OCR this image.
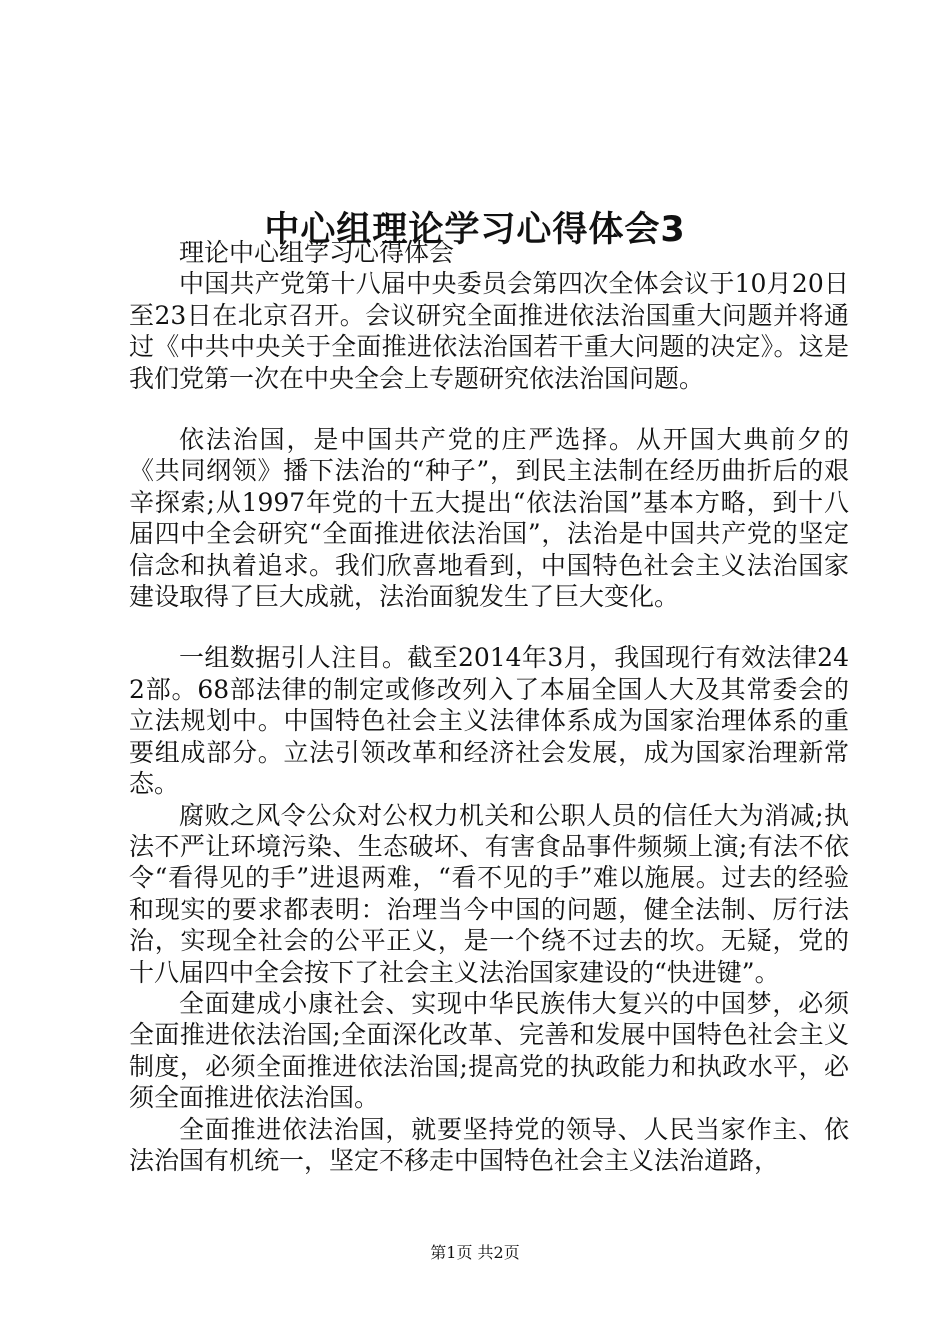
中心组理论学习心得体会3

理论中心组学习心得体会

中国共产党第十八届中央委员会第四次全体会议于10月20日至23日在北京召开。会议研究全面推进依法治国重大问题并将通过《中共中央关于全面推进依法治国若干重大问题的决定》。这是我们党第一次在中央全会上专题研究依法治国问题。

依法治国，是中国共产党的庄严选择。从开国大典前夕的《共同纲领》播下法治的“种子”，到民主法制在经历曲折后的艰辛探索;从1997年党的十五大提出“依法治国”基本方略，到十八届四中全会研究“全面推进依法治国”，法治是中国共产党的坚定信念和执着追求。我们欣喜地看到，中国特色社会主义法治国家建设取得了巨大成就，法治面貌发生了巨大变化。

一组数据引人注目。截至2014年3月，我国现行有效法律242部。68部法律的制定或修改列入了本届全国人大及其常委会的立法规划中。中国特色社会主义法律体系成为国家治理体系的重要组成部分。立法引领改革和经济社会发展，成为国家治理新常态。

腐败之风令公众对公权力机关和公职人员的信任大为消减;执法不严让环境污染、生态破坏、有害食品事件频频上演;有法不依令“看得见的手”进退两难，“看不见的手”难以施展。过去的经验和现实的要求都表明：治理当今中国的问题，健全法制、厉行法治，实现全社会的公平正义，是一个绕不过去的坎。无疑，党的十八届四中全会按下了社会主义法治国家建设的“快进键”。

全面建成小康社会、实现中华民族伟大复兴的中国梦，必须全面推进依法治国;全面深化改革、完善和发展中国特色社会主义制度，必须全面推进依法治国;提高党的执政能力和执政水平，必须全面推进依法治国。

全面推进依法治国，就要坚持党的领导、人民当家作主、依法治国有机统一，坚定不移走中国特色社会主义法治道路，

第1页 共2页
